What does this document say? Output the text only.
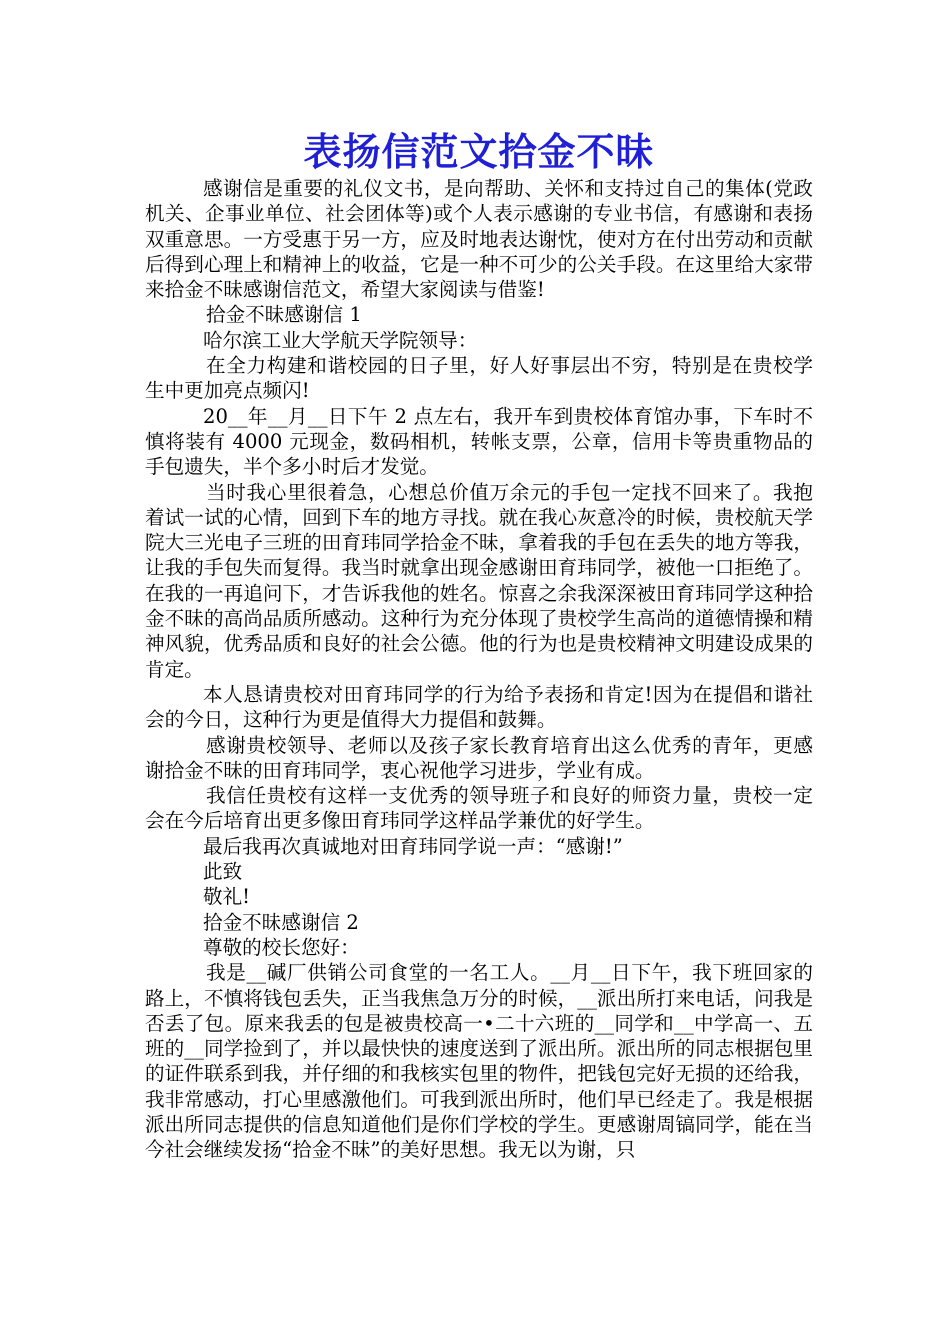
表扬信范文拾金不昧

感谢信是重要的礼仪文书，是向帮助、关怀和支持过自己的集体(党政机关、企事业单位、社会团体等)或个人表示感谢的专业书信，有感谢和表扬双重意思。一方受惠于另一方，应及时地表达谢忱，使对方在付出劳动和贡献后得到心理上和精神上的收益，它是一种不可少的公关手段。在这里给大家带来拾金不昧感谢信范文，希望大家阅读与借鉴!

拾金不昧感谢信 1

哈尔滨工业大学航天学院领导：

在全力构建和谐校园的日子里，好人好事层出不穷，特别是在贵校学生中更加亮点频闪!

20__年__月__日下午 2 点左右，我开车到贵校体育馆办事，下车时不慎将装有 4000 元现金，数码相机，转帐支票，公章，信用卡等贵重物品的手包遗失，半个多小时后才发觉。

当时我心里很着急，心想总价值万余元的手包一定找不回来了。我抱着试一试的心情，回到下车的地方寻找。就在我心灰意冷的时候，贵校航天学院大三光电子三班的田育玮同学拾金不昧，拿着我的手包在丢失的地方等我，让我的手包失而复得。我当时就拿出现金感谢田育玮同学，被他一口拒绝了。在我的一再追问下，才告诉我他的姓名。惊喜之余我深深被田育玮同学这种拾金不昧的高尚品质所感动。这种行为充分体现了贵校学生高尚的道德情操和精神风貌，优秀品质和良好的社会公德。他的行为也是贵校精神文明建设成果的肯定。

本人恳请贵校对田育玮同学的行为给予表扬和肯定!因为在提倡和谐社会的今日，这种行为更是值得大力提倡和鼓舞。

感谢贵校领导、老师以及孩子家长教育培育出这么优秀的青年，更感谢拾金不昧的田育玮同学，衷心祝他学习进步，学业有成。

我信任贵校有这样一支优秀的领导班子和良好的师资力量，贵校一定会在今后培育出更多像田育玮同学这样品学兼优的好学生。

最后我再次真诚地对田育玮同学说一声：“感谢!”

此致

敬礼!

拾金不昧感谢信 2

尊敬的校长您好：

我是__碱厂供销公司食堂的一名工人。__月__日下午，我下班回家的路上，不慎将钱包丢失，正当我焦急万分的时候，__派出所打来电话，问我是否丢了包。原来我丢的包是被贵校高一•二十六班的__同学和__中学高一、五班的__同学捡到了，并以最快快的速度送到了派出所。派出所的同志根据包里的证件联系到我，并仔细的和我核实包里的物件，把钱包完好无损的还给我，我非常感动，打心里感激他们。可我到派出所时，他们早已经走了。我是根据派出所同志提供的信息知道他们是你们学校的学生。更感谢周镐同学，能在当今社会继续发扬“拾金不昧”的美好思想。我无以为谢，只
